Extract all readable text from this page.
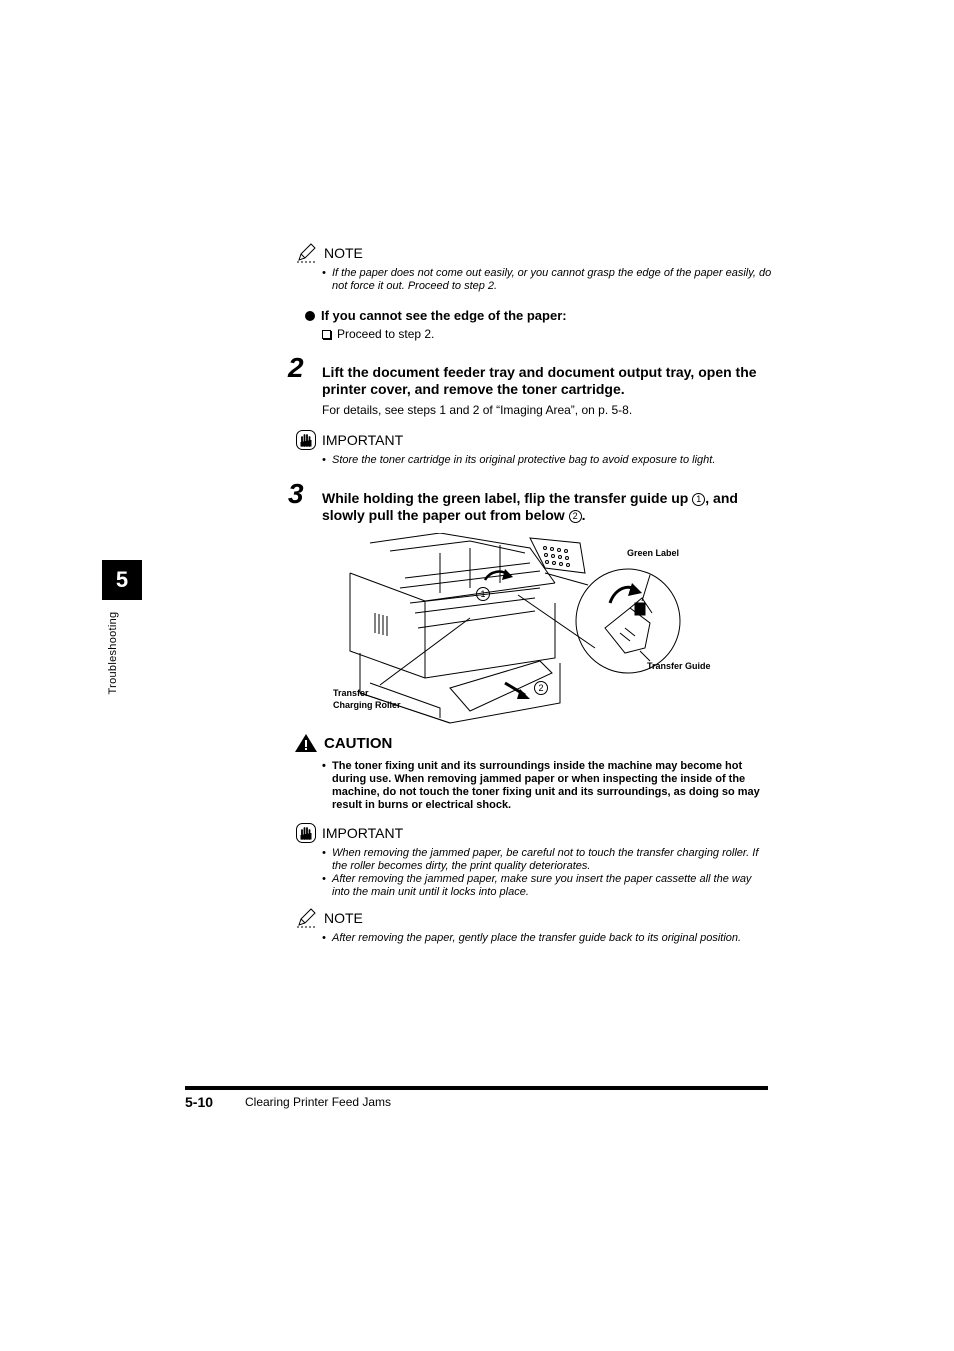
5
Troubleshooting
NOTE
• If the paper does not come out easily, or you cannot grasp the edge of the paper easily, do not force it out. Proceed to step 2.
If you cannot see the edge of the paper:
Proceed to step 2.
2 Lift the document feeder tray and document output tray, open the
printer cover, and remove the toner cartridge.
For details, see steps 1 and 2 of “Imaging Area”, on p. 5-8.
IMPORTANT
• Store the toner cartridge in its original protective bag to avoid exposure to light.
3 While holding the green label, flip the transfer guide up 1 , and
slowly pull the paper out from below 2 .
1
2
Green Label
Transfer Guide
Transfer
Charging Roller
CAUTION
• The toner fixing unit and its surroundings inside the machine may become hot during use. When removing jammed paper or when inspecting the inside of the machine, do not touch the toner fixing unit and its surroundings, as doing so may result in burns or electrical shock.
IMPORTANT
• When removing the jammed paper, be careful not to touch the transfer charging roller. If the roller becomes dirty, the print quality deteriorates.
• After removing the jammed paper, make sure you insert the paper cassette all the way into the main unit until it locks into place.
NOTE
• After removing the paper, gently place the transfer guide back to its original position.
5-10	Clearing Printer Feed Jams
